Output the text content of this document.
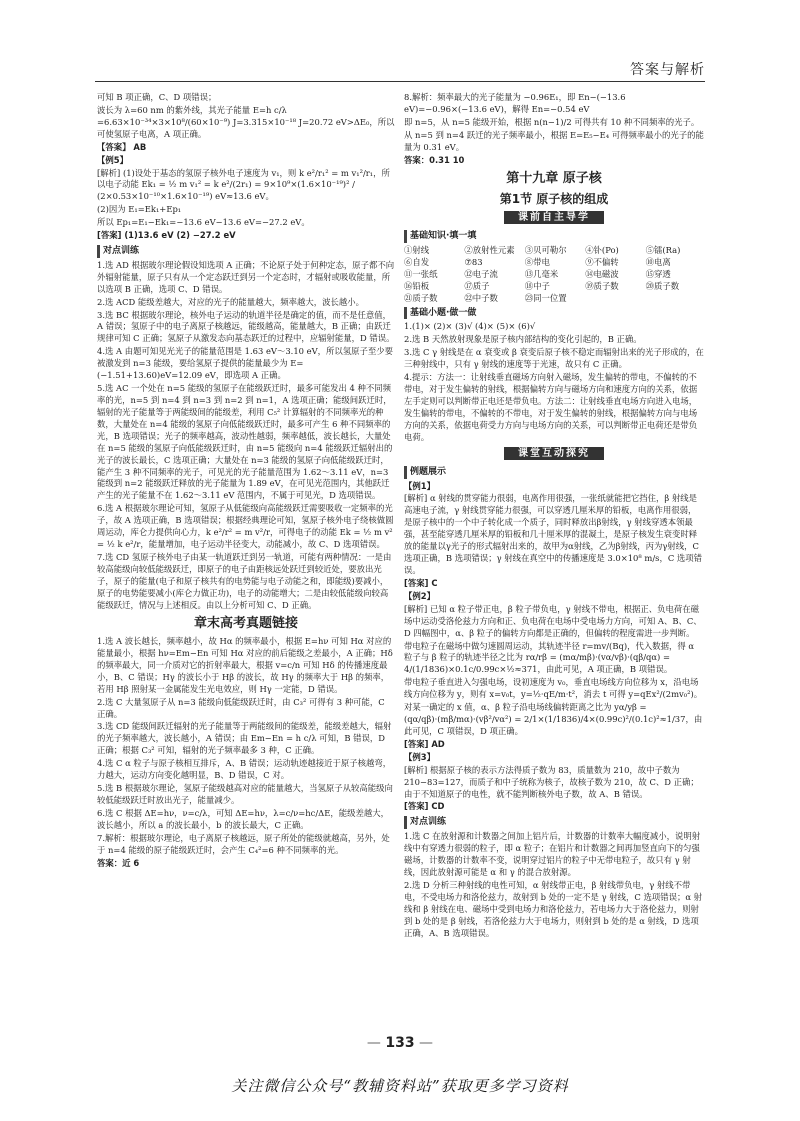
答案与解析

可知 B 项正确，C、D 项错误；

波长为 λ=60 nm 的紫外线，其光子能量 E=h c/λ =6.63×10⁻³⁴×3×10⁸/(60×10⁻⁹) J=3.315×10⁻¹⁸ J=20.72 eV>ΔE₀，所以可使氢原子电离，A 项正确。

【答案】 AB

【例5】

[解析] (1)设处于基态的氢原子核外电子速度为 v₁，则 k e²/r₁² = m v₁²/r₁，所以电子动能 Ek₁ = ½ m v₁² = k e²/(2r₁) = 9×10⁹×(1.6×10⁻¹⁹)² / (2×0.53×10⁻¹⁰×1.6×10⁻¹⁹) eV≈13.6 eV。

(2)因为 E₁=Ek₁+Ep₁

所以 Ep₁=E₁−Ek₁=−13.6 eV−13.6 eV=−27.2 eV。

[答案] (1)13.6 eV (2) −27.2 eV

对点训练

1.选 AD 根据玻尔理论假设知选项 A 正确；不论原子处于何种定态，原子都不向外辐射能量，原子只有从一个定态跃迁到另一个定态时，才辐射或吸收能量，所以选项 B 正确，选项 C、D 错误。

2.选 ACD 能级差越大，对应的光子的能量越大，频率越大，波长越小。

3.选 BC 根据玻尔理论，核外电子运动的轨道半径是确定的值，而不是任意值，A 错误；氢原子中的电子离原子核越远，能级越高，能量越大，B 正确；由跃迁规律可知 C 正确；氢原子从激发态向基态跃迁的过程中，应辐射能量，D 错误。

4.选 A 由题可知见光光子的能量范围是 1.63 eV～3.10 eV，所以氢原子至少要被激发到 n=3 能级，要给氢原子提供的能量最少为 E=(−1.51+13.60)eV=12.09 eV，即选项 A 正确。

5.选 AC 一个处在 n=5 能级的氢原子在能级跃迁时，最多可能发出 4 种不同频率的光，n=5 到 n=4 到 n=3 到 n=2 到 n=1，A 选项正确；能级间跃迁时，辐射的光子能量等于两能级间的能级差，利用 C₅² 计算辐射的不同频率光的种数，大量处在 n=4 能级的氢原子向低能级跃迁时，最多可产生 6 种不同频率的光，B 选项错误；光子的频率越高，波动性越弱，频率越低，波长越长，大量处在 n=5 能级的氢原子向低能级跃迁时，由 n=5 能级向 n=4 能级跃迁辐射出的光子的波长最长，C 选项正确；大量处在 n=3 能级的氢原子向低能级跃迁时，能产生 3 种不同频率的光子，可见光的光子能量范围为 1.62～3.11 eV，n=3 能级到 n=2 能级跃迁释放的光子能量为 1.89 eV，在可见光范围内，其他跃迁产生的光子能量不在 1.62～3.11 eV 范围内，不属于可见光，D 选项错误。

6.选 A 根据玻尔理论可知，氢原子从低能级向高能级跃迁需要吸收一定频率的光子，故 A 选项正确，B 选项错误；根据经典理论可知，氢原子核外电子绕核做圆周运动，库仑力提供向心力，k e²/r² = m v²/r，可得电子的动能 Ek = ½ m v² = ½ k e²/r，能量增加，电子运动半径变大，动能减小，故 C、D 选项错误。

7.选 CD 氢原子核外电子由某一轨道跃迁到另一轨道，可能有两种情况：一是由较高能级向较低能级跃迁，即原子的电子由距核远处跃迁到较近处，要放出光子，原子的能量(电子和原子核共有的电势能与电子动能之和，即能级)要减小，原子的电势能要减小(库仑力做正功)，电子的动能增大；二是由较低能级向较高能级跃迁，情况与上述相反。由以上分析可知 C、D 正确。

章末高考真题链接

1.选 A 波长越长，频率越小，故 Hα 的频率最小，根据 E=hν 可知 Hα 对应的能量最小，根据 hν=Em−En 可知 Hα 对应的前后能级之差最小，A 正确；Hδ 的频率最大，同一介质对它的折射率最大，根据 v=c/n 可知 Hδ 的传播速度最小，B、C 错误；Hγ 的波长小于 Hβ 的波长，故 Hγ 的频率大于 Hβ 的频率，若用 Hβ 照射某一金属能发生光电效应，则 Hγ 一定能，D 错误。

2.选 C 大量氢原子从 n=3 能级向低能级跃迁时，由 C₃² 可得有 3 种可能，C 正确。

3.选 CD 能级间跃迁辐射的光子能量等于两能级间的能级差，能级差越大，辐射的光子频率越大，波长越小，A 错误；由 Em−En = h c/λ 可知，B 错误，D 正确；根据 C₃² 可知，辐射的光子频率最多 3 种，C 正确。

4.选 C α 粒子与原子核相互排斥，A、B 错误；运动轨迹越接近于原子核越弯，力越大，运动方向变化越明显，B、D 错误，C 对。

5.选 B 根据玻尔理论，氢原子能级越高对应的能量越大，当氢原子从较高能级向较低能级跃迁时放出光子，能量减少。

6.选 C 根据 ΔE=hν，ν=c/λ，可知 ΔE=hν，λ=c/ν=hc/ΔE，能级差越大，波长越小，所以 a 的波长最小，b 的波长最大，C 正确。

7.解析：根据玻尔理论，电子离原子核越远，原子所处的能级就越高，另外，处于 n=4 能级的原子能级跃迁时，会产生 C₄²=6 种不同频率的光。

答案：近 6

8.解析：频率最大的光子能量为 −0.96E₁，即 En−(−13.6 eV)=−0.96×(−13.6 eV)，解得 En=−0.54 eV

即 n=5，从 n=5 能级开始，根据 n(n−1)/2 可得共有 10 种不同频率的光子。

从 n=5 到 n=4 跃迁的光子频率最小，根据 E=E₅−E₄ 可得频率最小的光子的能量为 0.31 eV。

答案：0.31 10

第十九章 原子核
第1节 原子核的组成
课前自主导学
基础知识·填一填
①射线	②放射性元素	③贝可勒尔	④钋(Po)	⑤镭(Ra)
⑥自发	⑦83	⑧带电	⑨不偏转	⑩电离
⑪一张纸	⑫电子流	⑬几毫米	⑭电磁波	⑮穿透
⑯铅板	⑰质子	⑱中子	⑲质子数	⑳质子数
㉑质子数	㉒中子数	㉓同一位置
基础小题·做一做

1.(1)× (2)× (3)√ (4)× (5)× (6)√

2.选 B 天然放射现象是原子核内部结构的变化引起的，B 正确。

3.选 C γ 射线是在 α 衰变或 β 衰变后原子核不稳定而辐射出来的光子形成的，在三种射线中，只有 γ 射线的速度等于光速，故只有 C 正确。

4.提示：方法一：让射线垂直磁场方向射入磁场，发生偏转的带电，不偏转的不带电，对于发生偏转的射线，根据偏转方向与磁场方向和速度方向的关系，依据左手定则可以判断带正电还是带负电。方法二：让射线垂直电场方向进入电场，发生偏转的带电，不偏转的不带电，对于发生偏转的射线，根据偏转方向与电场方向的关系，依据电荷受力方向与电场方向的关系，可以判断带正电荷还是带负电荷。

课堂互动探究
例题展示

【例1】

[解析] α 射线的贯穿能力很弱，电离作用很强，一张纸就能把它挡住，β 射线是高速电子流，γ 射线贯穿能力很强，可以穿透几厘米厚的铅板，电离作用很弱，是原子核中的一个中子转化成一个质子，同时释放出β射线，γ 射线穿透本领最强，甚至能穿透几厘米厚的铅板和几十厘米厚的混凝土，是原子核发生衰变时释放的能量以γ光子的形式辐射出来的，故甲为α射线，乙为β射线，丙为γ射线，C 选项正确，B 选项错误；γ 射线在真空中的传播速度是 3.0×10⁸ m/s，C 选项错误。

[答案] C

【例2】

[解析] 已知 α 粒子带正电，β 粒子带负电，γ 射线不带电，根据正、负电荷在磁场中运动受洛伦兹力方向和正、负电荷在电场中受电场力方向，可知 A、B、C、D 四幅图中，α、β 粒子的偏转方向都是正确的，但偏转的程度需进一步判断。

带电粒子在磁场中做匀速圆周运动，其轨迹半径 r=mv/(Bq)，代入数据，得 α 粒子与 β 粒子的轨迹半径之比为 rα/rβ = (mα/mβ)·(vα/vβ)·(qβ/qα) = 4/(1/1836)×0.1c/0.99c×½≈371，由此可见，A 项正确，B 项错误。

带电粒子垂直进入匀强电场，设初速度为 v₀，垂直电场线方向位移为 x，沿电场线方向位移为 y，则有 x=v₀t，y=½·qE/m·t²，消去 t 可得 y=qEx²/(2mv₀²)。

对某一确定的 x 值，α、β 粒子沿电场线偏转距离之比为 yα/yβ = (qα/qβ)·(mβ/mα)·(vβ²/vα²) = 2/1×(1/1836)/4×(0.99c)²/(0.1c)²≈1/37，由此可见，C 项错误，D 项正确。

[答案] AD

【例3】

[解析] 根据原子核的表示方法得质子数为 83，质量数为 210，故中子数为 210−83=127，而质子和中子统称为核子，故核子数为 210，故 C、D 正确；由于不知道原子的电性，就不能判断核外电子数，故 A、B 错误。

[答案] CD

对点训练

1.选 C 在放射源和计数器之间加上铝片后，计数器的计数率大幅度减小，说明射线中有穿透力很弱的粒子，即 α 粒子；在铝片和计数器之间再加竖直向下的匀强磁场，计数器的计数率不变，说明穿过铝片的粒子中无带电粒子，故只有 γ 射线，因此放射源可能是 α 和 γ 的混合放射源。

2.选 D 分析三种射线的电性可知，α 射线带正电，β 射线带负电，γ 射线不带电，不受电场力和洛伦兹力，故射到 b 处的一定不是 γ 射线，C 选项错误；α 射线和 β 射线在电、磁场中受到电场力和洛伦兹力，若电场力大于洛伦兹力，则射到 b 处的是 β 射线，若洛伦兹力大于电场力，则射到 b 处的是 α 射线，D 选项正确，A、B 选项错误。

— 133 —
关注微信公众号“教辅资料站”获取更多学习资料
